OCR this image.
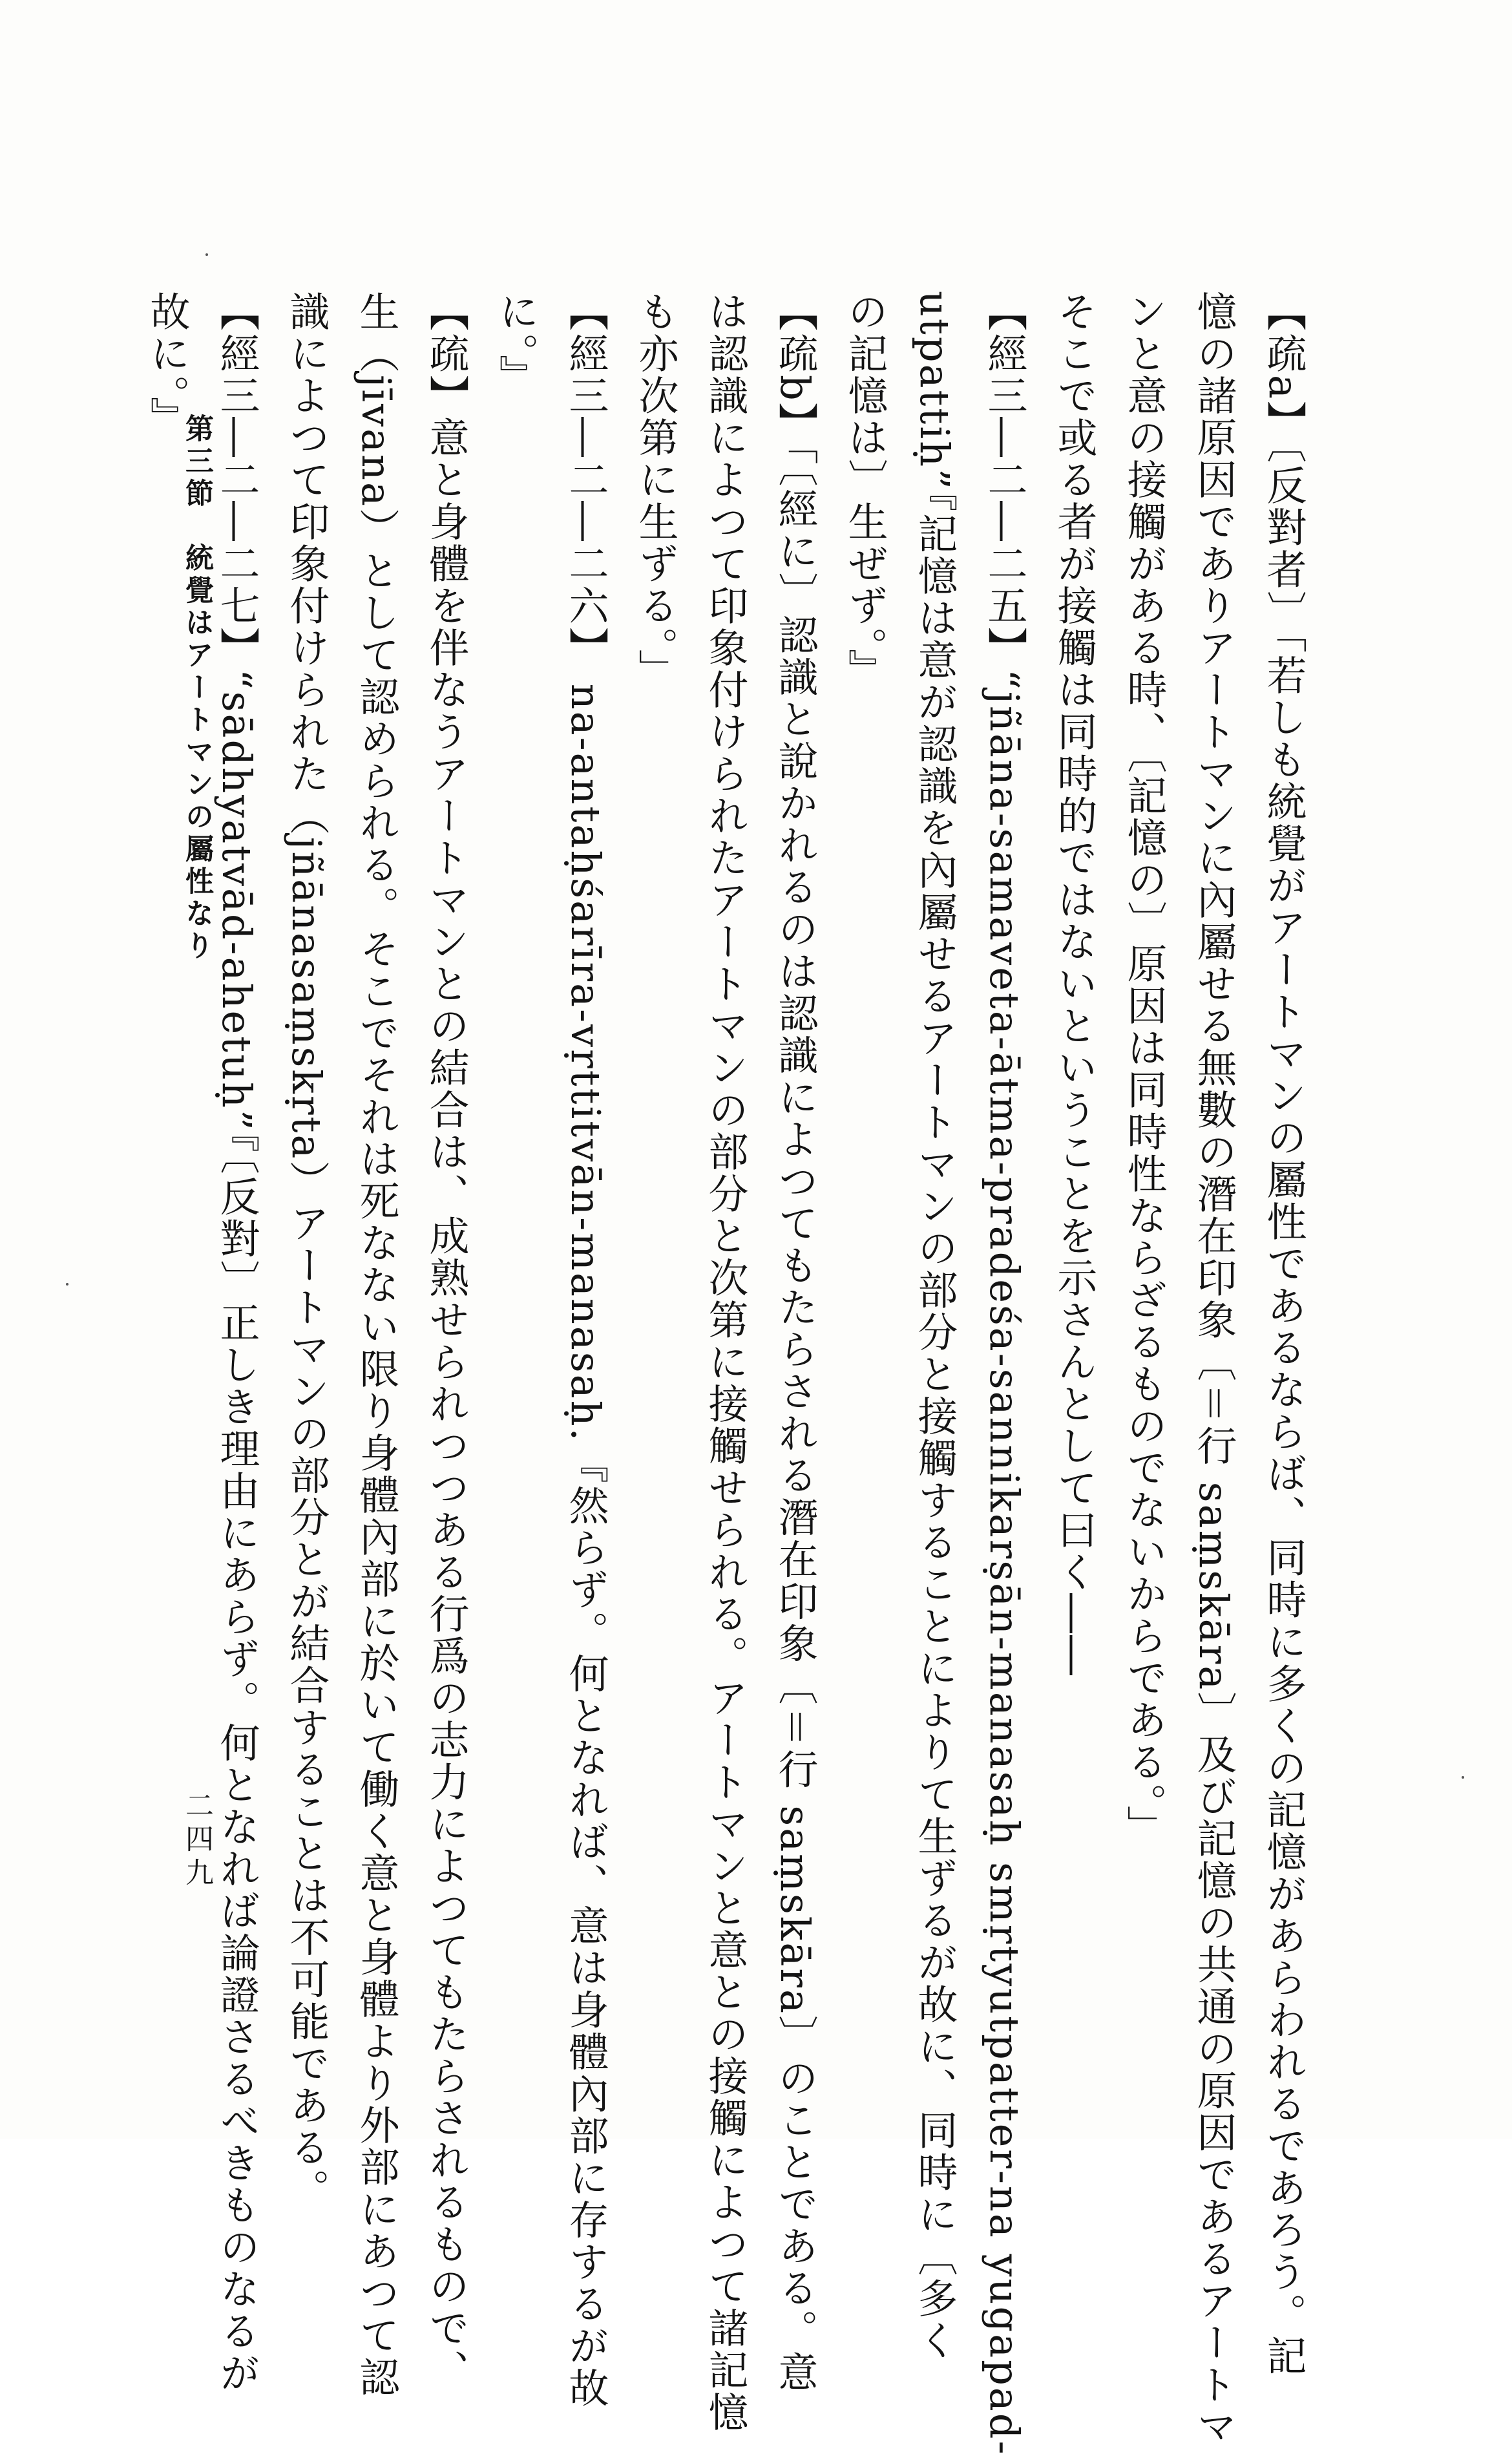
【疏a】〔反對者〕「若しも統覺がアートマンの屬性であるならば、同時に多くの記憶があらわれるであろう。記
憶の諸原因でありアートマンに內屬せる無數の潛在印象〔＝行 saṃskāra〕及び記憶の共通の原因であるアートマ
ンと意の接觸がある時、〔記憶の〕原因は同時性ならざるものでないからである。」
そこで或る者が接觸は同時的ではないということを示さんとして曰く――
【經三―二―二五】“jñāna-samaveta-ātma-pradeśa-sannikarṣān-manasaḥ smṛtyutpatter-na yugapad-
utpattiḥ”『記憶は意が認識を內屬せるアートマンの部分と接觸することによりて生ずるが故に、同時に〔多く
の記憶は〕生ぜず。』
【疏b】「〔經に〕認識と說かれるのは認識によつてもたらされる潛在印象〔＝行 saṃskāra〕のことである。意
は認識によつて印象付けられたアートマンの部分と次第に接觸せられる。アートマンと意との接觸によつて諸記憶
も亦次第に生ずる。」
【經三―二―二六】 na-antaḥśarīra-vṛttitvān-manasaḥ.『然らず。何となれば、意は身體內部に存するが故
に。』
【疏】意と身體を伴なうアートマンとの結合は、成熟せられつつある行爲の志力によつてもたらされるもので、
生（jīvana）として認められる。そこでそれは死なない限り身體內部に於いて働く意と身體より外部にあつて認
識によつて印象付けられた（jñānasaṃskṛta）アートマンの部分とが結合することは不可能である。
【經三―二―二七】“sādhyatvād-ahetuḥ”『〔反對〕正しき理由にあらず。何となれば論證さるべきものなるが
故に。』
第三節　統覺はアートマンの屬性なり
二四九
